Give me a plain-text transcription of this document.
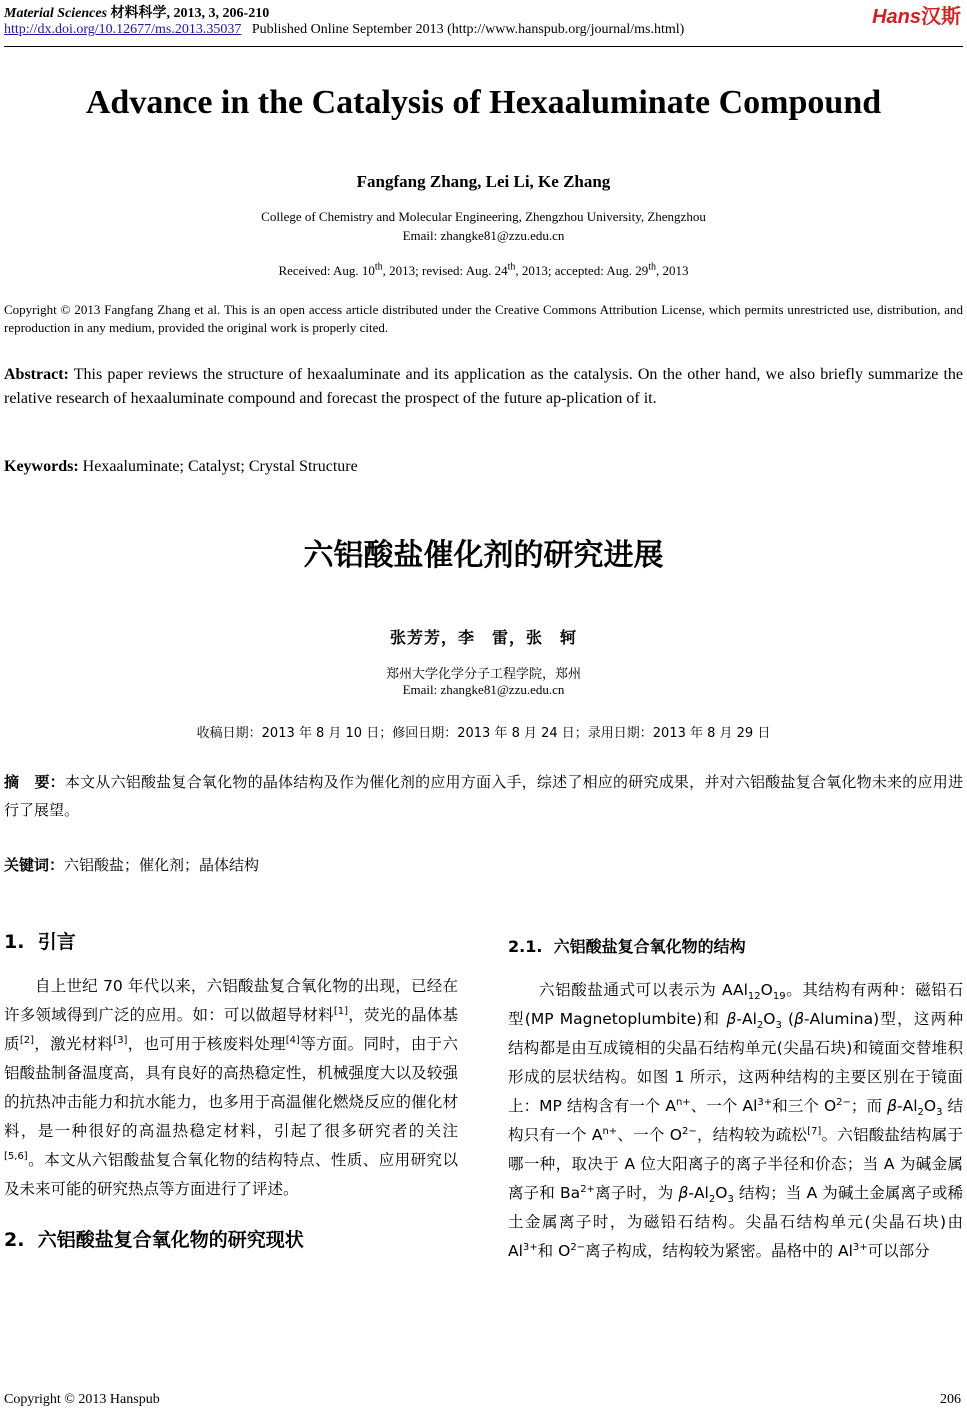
Material Sciences 材料科学, 2013, 3, 206-210
http://dx.doi.org/10.12677/ms.2013.35037 Published Online September 2013 (http://www.hanspub.org/journal/ms.html)
Hans汉斯
Advance in the Catalysis of Hexaaluminate Compound
Fangfang Zhang, Lei Li, Ke Zhang
College of Chemistry and Molecular Engineering, Zhengzhou University, Zhengzhou
Email: zhangke81@zzu.edu.cn
Received: Aug. 10th, 2013; revised: Aug. 24th, 2013; accepted: Aug. 29th, 2013
Copyright © 2013 Fangfang Zhang et al. This is an open access article distributed under the Creative Commons Attribution License, which permits unrestricted use, distribution, and reproduction in any medium, provided the original work is properly cited.
Abstract: This paper reviews the structure of hexaaluminate and its application as the catalysis. On the other hand, we also briefly summarize the relative research of hexaaluminate compound and forecast the prospect of the future ap-plication of it.
Keywords: Hexaaluminate; Catalyst; Crystal Structure
六铝酸盐催化剂的研究进展
张芳芳，李　雷，张　轲
郑州大学化学分子工程学院，郑州
Email: zhangke81@zzu.edu.cn
收稿日期：2013 年 8 月 10 日；修回日期：2013 年 8 月 24 日；录用日期：2013 年 8 月 29 日
摘　要：本文从六铝酸盐复合氧化物的晶体结构及作为催化剂的应用方面入手，综述了相应的研究成果，并对六铝酸盐复合氧化物未来的应用进行了展望。
关键词：六铝酸盐；催化剂；晶体结构
1. 引言
自上世纪 70 年代以来，六铝酸盐复合氧化物的出现，已经在许多领域得到广泛的应用。如：可以做超导材料[1]，荧光的晶体基质[2]，激光材料[3]，也可用于核废料处理[4]等方面。同时，由于六铝酸盐制备温度高，具有良好的高热稳定性，机械强度大以及较强的抗热冲击能力和抗水能力，也多用于高温催化燃烧反应的催化材料，是一种很好的高温热稳定材料，引起了很多研究者的关注[5,6]。本文从六铝酸盐复合氧化物的结构特点、性质、应用研究以及未来可能的研究热点等方面进行了评述。
2. 六铝酸盐复合氧化物的研究现状
2.1. 六铝酸盐复合氧化物的结构
六铝酸盐通式可以表示为 $AAl_{12}O_{19}$。其结构有两种：磁铅石型(MP Magnetoplumbite)和 $\beta-Al_2O_3$ (β-Alumina)型，这两种结构都是由互成镜相的尖晶石结构单元(尖晶石块)和镜面交替堆积形成的层状结构。如图 1 所示，这两种结构的主要区别在于镜面上：MP 结构含有一个 $A^{n+}$、一个 $Al^{3+}$和三个 $O^{2-}$；而 $\beta-Al_2O_3$ 结构只有一个 $A^{n+}$、一个 $O^{2-}$，结构较为疏松[7]。六铝酸盐结构属于哪一种，取决于 A 位大阳离子的离子半径和价态；当 A 为碱金属离子和 $Ba^{2+}$离子时，为 $\beta-Al_2O_3$ 结构；当 A 为碱土金属离子或稀土金属离子时，为磁铅石结构。尖晶石结构单元(尖晶石块)由 $Al^{3+}$和 $O^{2-}$离子构成，结构较为紧密。晶格中的 $Al^{3+}$可以部分
Copyright © 2013 Hanspub	206
